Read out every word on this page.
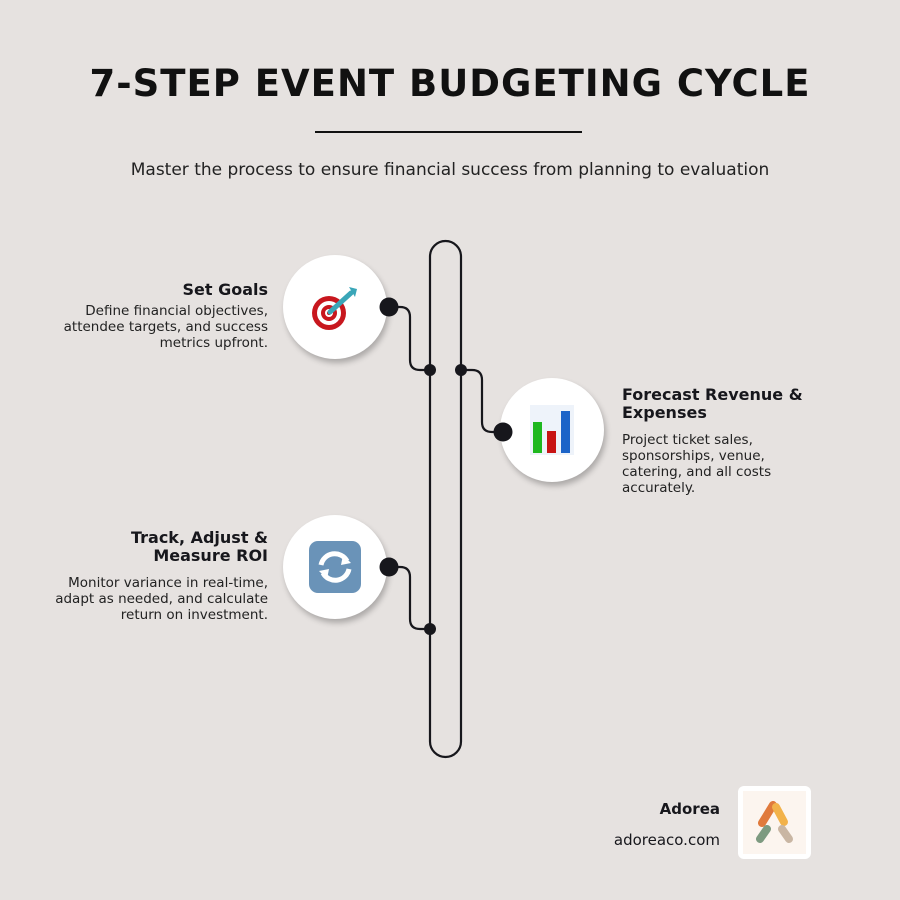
7-STEP EVENT BUDGETING CYCLE
Master the process to ensure financial success from planning to evaluation
Set Goals

Define financial objectives, attendee targets, and success metrics upfront.

Forecast Revenue & Expenses

Project ticket sales, sponsorships, venue, catering, and all costs accurately.

Track, Adjust & Measure ROI

Monitor variance in real-time, adapt as needed, and calculate return on investment.

Adorea
adoreaco.com
